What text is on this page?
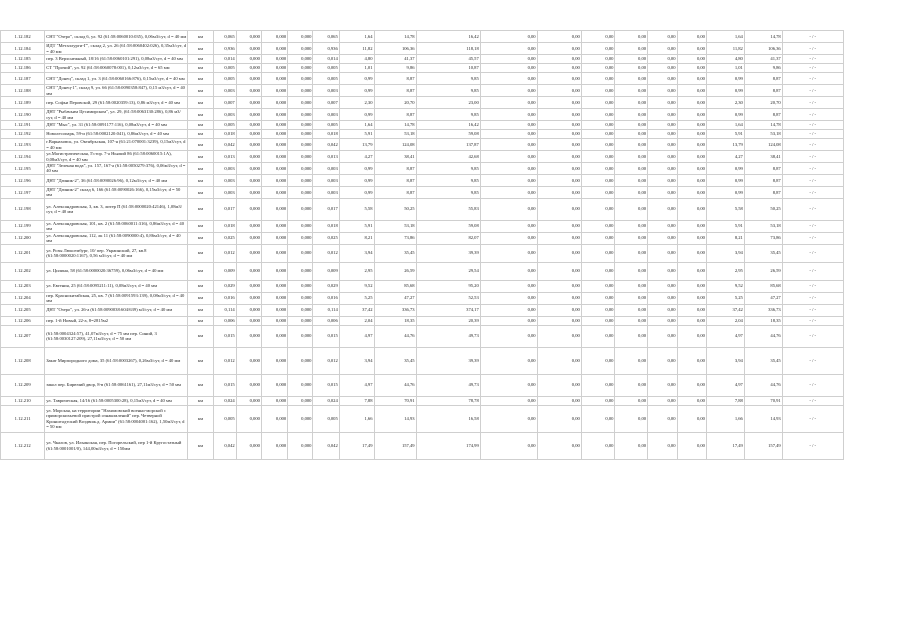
1.12.182	СНТ "Озеро", склад 6, ул. 92 (61:58:0060010:035), 0,06м3/сут, d = 40 мм	км	0,065	0,000	0,000	0,000	0,065	1,64	14,78	16,42	0,00	0,00	0,00	0,00	0,00	0,00	1,64	14,78	- / -	
1.12.184	ИДТ "Металлурги-Г", склад 2, ул. 26 (61:58:0060402:026), 0,35м3/сут, d = 40 мм	км	0,936	0,000	0,000	0,000	0,936	11,82	106,36	118,18	0,00	0,00	0,00	0,00	0,00	0,00	11,82	106,36	- / -	
1.12.185	пер. 3 Верхснежный, 18/16 (61:58:0060101:291), 0,08м3/сут, d = 40 мм	км	0,014	0,000	0,000	0,000	0,014	4,80	41,37	45,57	0,00	0,00	0,00	0,00	0,00	0,00	4,80	41,37	- / -	
1.12.186	СТ "Прочий", ул. 92 (61:58:0060078:001), 0,12м3/сут, d = 65 мм	км	0,005	0,000	0,000	0,000	0,005	1,01	9,86	10,87	0,00	0,00	0,00	0,00	0,00	0,00	1,01	9,86	- / -	
1.12.187	СНТ "Донец", склад 1, ул. 3 (61:58:0060166:876), 0,15м3/сут, d = 40 мм	км	0,005	0,000	0,000	0,000	0,005	0,99	8,87	9,85	0,00	0,00	0,00	0,00	0,00	0,00	0,99	8,87	- / -	
1.12.188	СНТ "Донец-1", склад 9, ул. 66 (61:58:0090358:847), 0,15 м3/сут, d = 40 мм	км	0,003	0,000	0,000	0,000	0,003	0,99	8,87	9,85	0,00	0,00	0,00	0,00	0,00	0,00	0,99	8,87	- / -	
1.12.189	пер. Софьи Перовской, 29 (61:58:0020359:13), 0,86 м3/сут, d = 40 мм	км	0,007	0,000	0,000	0,000	0,007	2,30	20,70	23,00	0,00	0,00	0,00	0,00	0,00	0,00	2,30	20,70	- / -	
1.12.190	ДНТ "Рыбачьим Цесимирском", ул. 29, (61:58:0063130:286), 0,86 м3/сут, d = 40 мм	км	0,003	0,000	0,000	0,000	0,003	0,99	8,87	9,85	0,00	0,00	0,00	0,00	0,00	0,00	0,99	8,87	- / -	
1.12.191	ДНТ "Мыс", ул. 31 (61:58:0091177:116), 0,08м3/сут, d = 40 мм	км	0,005	0,000	0,000	0,000	0,005	1,64	14,78	16,42	0,00	0,00	0,00	0,00	0,00	0,00	1,64	14,78	- / -	
1.12.192	Новолесопарк, 59-и (61:58:0002120:041), 0,86м3/сут, d = 40 мм	км	0,018	0,000	0,000	0,000	0,018	5,91	53,18	59,08	0,00	0,00	0,00	0,00	0,00	0,00	5,91	53,18	- / -	
1.12.193	г.Варнаховск, ул. Октябрьская, 107-я (61:21:070001:3239), 0,15м3/сут, d = 40 мм	км	0,042	0,000	0,000	0,000	0,042	13,79	124,08	137,87	0,00	0,00	0,00	0,00	0,00	0,00	13,79	124,08	- / -	
1.12.194	ул.Магистратическая, 5'стор. 7-а Ньяпий 86 (61:58:0060015:1А), 0,08м3/сут, d = 40 мм	км	0,013	0,000	0,000	0,000	0,013	4,27	38,41	42,68	0,00	0,00	0,00	0,00	0,00	0,00	4,27	38,41	- / -	
1.12.195	ДНТ "Зеленая вода", ул. 157, 167-а (61:58:0050279:376), 0,06м3/сут, d = 40 мм	км	0,003	0,000	0,000	0,000	0,003	0,99	8,87	9,85	0,00	0,00	0,00	0,00	0,00	0,00	0,99	8,87	- / -	
1.12.196	ДНТ "Дачник-2", 36 (61:58:0090026:96), 0,12м3/сут, d = 40 мм	км	0,003	0,000	0,000	0,000	0,003	0,99	8,87	9,85	0,00	0,00	0,00	0,00	0,00	0,00	0,99	8,87	- / -	
1.12.197	ДНТ "Дачник-2" склад 6, 166 (61:58:0090026:166), 0,15м3/сут, d = 50 мм	км	0,003	0,000	0,000	0,000	0,003	0,99	8,87	9,85	0,00	0,00	0,00	0,00	0,00	0,00	0,99	8,87	- / -	
1.12.198	ул. Александровская, 3, кв. 3, литер П (61:58:0000020:42146), 1,08м3/сут, d = 40 мм	км	0,017	0,000	0,000	0,000	0,017	5,58	50,25	55,83	0,00	0,00	0,00	0,00	0,00	0,00	5,58	50,25	- / -	
1.12.199	ул. Александровская, 101, кв. 2 (61:58:0060011:316), 0,86м3/сут, d = 40 мм	км	0,018	0,000	0,000	0,000	0,018	5,91	53,18	59,08	0,00	0,00	0,00	0,00	0,00	0,00	5,91	53,18	- / -	
1.12.200	ул. Александровская, 112, лк 11 (61:58:0090000:4), 0,86м3/сут, d = 40 мм	км	0,025	0,000	0,000	0,000	0,025	8,21	73,86	82,07	0,00	0,00	0,00	0,00	0,00	0,00	8,21	73,86	- / -	
1.12.201	ул. Розы Люксембург, 10/ пер. Украинский, 27, кв.8 (61:58:0000020:1167), 0,56 м3/сут, d = 40 мм	км	0,012	0,000	0,000	0,000	0,012	3,94	35,45	39,39	0,00	0,00	0,00	0,00	0,00	0,00	3,94	35,45	- / -	
1.12.202	ул. Цилина, 58 (61:58:0000020:36759), 0,06м3/сут, d = 40 мм	км	0,009	0,000	0,000	0,000	0,009	2,95	26,59	29,54	0,00	0,00	0,00	0,00	0,00	0,00	2,95	26,59	- / -	
1.12.203	ул. Евгения, 25 (61:58:0095211:11), 0,08м3/сут, d = 40 мм	км	0,029	0,000	0,000	0,000	0,029	9,52	85,68	95,20	0,00	0,00	0,00	0,00	0,00	0,00	9,52	85,68	- / -	
1.12.204	пер. Краснокитайская, 25, кв. 7 (61:58:0091593:139), 0,08м3/сут, d = 40 мм	км	0,016	0,000	0,000	0,000	0,016	5,25	47,27	52,53	0,00	0,00	0,00	0,00	0,00	0,00	5,25	47,27	- / -	
1.12.205	ДНТ "Озеро", ул. 26-а (61:58:0090038:604/639) м3/сут, d = 40 мм	км	0,114	0,000	0,000	0,000	0,114	37,42	336,73	374,17	0,00	0,00	0,00	0,00	0,00	0,00	37,42	336,73	- / -	
1.12.206	пер. 1-й Новый, 22-а, 8=2815м2	км	0,006	0,000	0,000	0,000	0,006	2,04	18,35	20,39	0,00	0,00	0,00	0,00	0,00	0,00	2,04	18,35	- / -	
1.12.207	(61:58:0004324:57), 41,07м3/сут, d = 75 мм пер. Синий, 3 (61:58:0030127:209), 27,11м3/сут, d = 50 мм	км	0,015	0,000	0,000	0,000	0,015	4,97	44,76	49,73	0,00	0,00	0,00	0,00	0,00	0,00	4,97	44,76	- / -	
1.12.208	Закат Мирпородного дома, 35 (61:58:0003267), 0,26м3/сут, d = 40 мм	км	0,012	0,000	0,000	0,000	0,012	3,94	35,45	39,39	0,00	0,00	0,00	0,00	0,00	0,00	3,94	35,45	- / -	
1.12.209	закол пер. Бирючий двор, 8-в (61:58:0061161), 27,11м3/сут, d = 50 мм	км	0,015	0,000	0,000	0,000	0,015	4,97	44,76	49,73	0,00	0,00	0,00	0,00	0,00	0,00	4,97	44,76	- / -	
1.12.210	ул. Таврическая, 14/16 (61:58:0005300:28), 0,15м3/сут, d = 40 мм	км	0,024	0,000	0,000	0,000	0,024	7,88	70,91	78,78	0,00	0,00	0,00	0,00	0,00	0,00	7,88	70,91	- / -	
1.12.211	ул. Морская, на территории "Нахимовский военно-морской с приморскихьевой пристрой ознакомлений" пер. Четверной Кронштадтский Воздвиж.д. Армии" (61:58:0004001:162), 1,50м3/сут, d = 50 мм	км	0,005	0,000	0,000	0,000	0,005	1,66	14,93	16,58	0,00	0,00	0,00	0,00	0,00	0,00	1,66	14,93	- / -	
1.12.212	ул. Чкалов, ул. Ильинская, пер. Погорельский, пер 1-й Кругостатный (61:58:0001001/0), 144,00м3/сут, d = 150мм	км	0,042	0,000	0,000	0,000	0,042	17,49	157,49	174,99	0,00	0,00	0,00	0,00	0,00	0,00	17,49	157,49	- / -	
